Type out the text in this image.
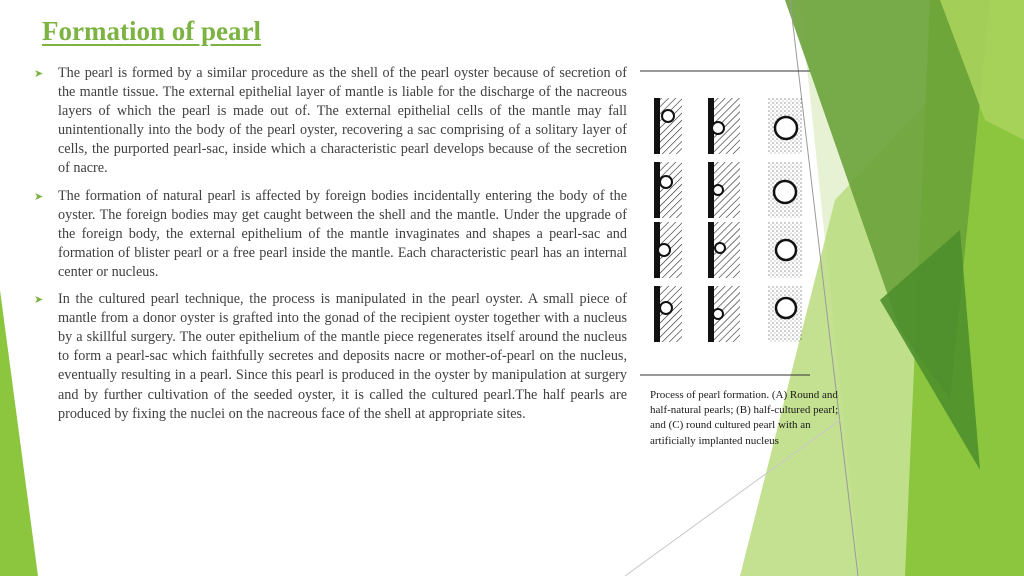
Formation of pearl
➤ The pearl is formed by a similar procedure as the shell of the pearl oyster because of secretion of the mantle tissue. The external epithelial layer of mantle is liable for the discharge of the nacreous layers of which the pearl is made out of. The external epithelial cells of the mantle may fall unintentionally into the body of the pearl oyster, recovering a sac comprising of a solitary layer of cells, the purported pearl-sac, inside which a characteristic pearl develops because of the secretion of nacre.
➤ The formation of natural pearl is affected by foreign bodies incidentally entering the body of the oyster. The foreign bodies may get caught between the shell and the mantle. Under the upgrade of the foreign body, the external epithelium of the mantle invaginates and shapes a pearl-sac and formation of blister pearl or a free pearl inside the mantle. Each characteristic pearl has an internal center or nucleus.
➤ In the cultured pearl technique, the process is manipulated in the pearl oyster. A small piece of mantle from a donor oyster is grafted into the gonad of the recipient oyster together with a nucleus by a skillful surgery. The outer epithelium of the mantle piece regenerates itself around the nucleus to form a pearl-sac which faithfully secretes and deposits nacre or mother-of-pearl on the nucleus, eventually resulting in a pearl. Since this pearl is produced in the oyster by manipulation at surgery and by further cultivation of the seeded oyster, it is called the cultured pearl.The half pearls are produced by fixing the nuclei on the nacreous face of the shell at appropriate sites.

Process of pearl formation. (A) Round and half-natural pearls; (B) half-cultured pearl; and (C) round cultured pearl with an artificially implanted nucleus
